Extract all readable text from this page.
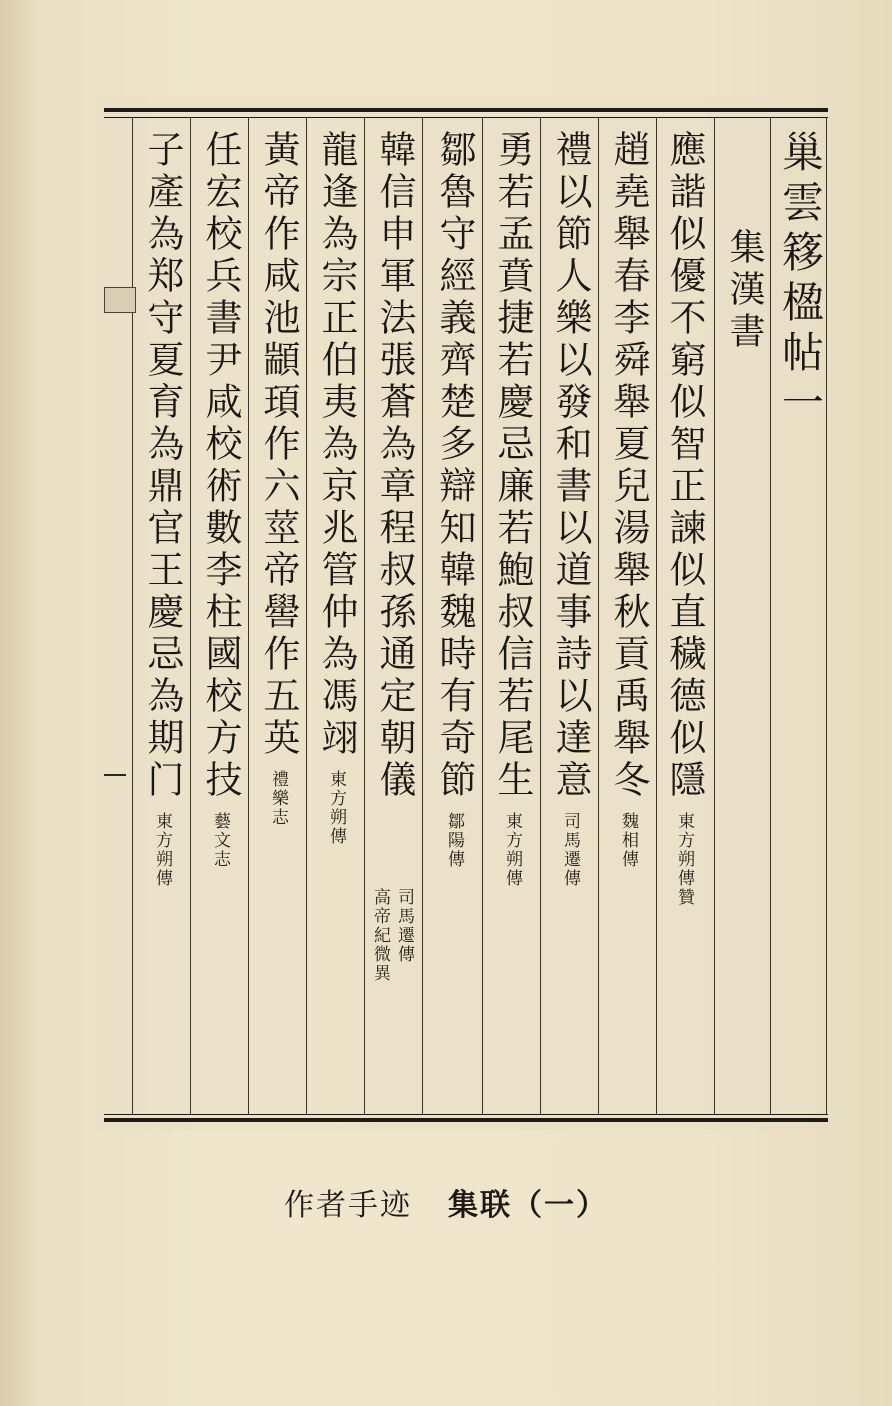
巢雲簃楹帖一
集漢書
應諧似優不窮似智正諫似直穢德似隱東方朔傳贊
趙堯舉春李舜舉夏兒湯舉秋貢禹舉冬魏相傳
禮以節人樂以發和書以道事詩以達意司馬遷傳
勇若孟賁捷若慶忌廉若鮑叔信若尾生東方朔傳
鄒魯守經義齊楚多辯知韓魏時有奇節鄒陽傳
韓信申軍法張蒼為章程叔孫通定朝儀
司馬遷傳
高帝紀微異
龍逢為宗正伯夷為京兆管仲為馮翊東方朔傳
黃帝作咸池顓頊作六莖帝嚳作五英禮樂志
任宏校兵書尹咸校術數李柱國校方技藝文志
子產為郑守夏育為鼎官王慶忌為期门東方朔傳
作者手迹 集联（一）
